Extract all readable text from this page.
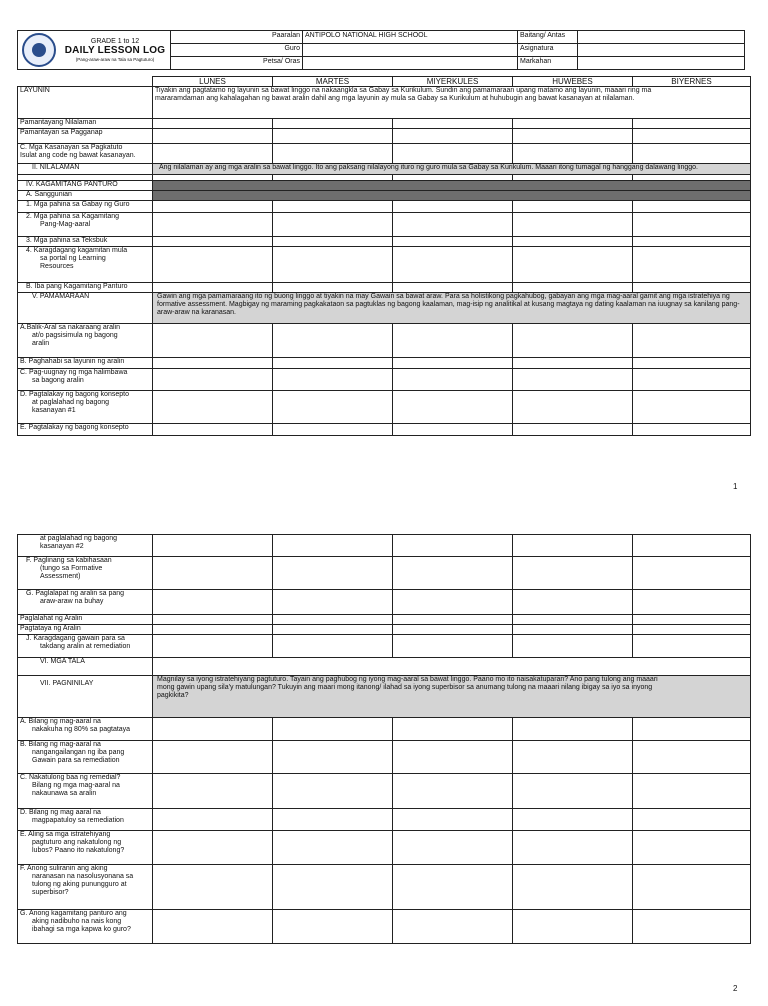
GRADE 1 to 12
DAILY LESSON LOG
(Pang-araw-araw na Tala sa Pagtuturo)	Paaralan	ANTIPOLO NATIONAL HIGH SCHOOL	Baitang/ Antas	
	Guro		Asignatura	
	Petsa/ Oras		Markahan	
	LUNES	MARTES	MIYERKULES	HUWEBES	BIYERNES
LAYUNIN	Tiyakin ang pagtatamo ng layunin sa bawat linggo na nakaangkla sa Gabay sa Kurikulum. Sundin ang pamamaraan upang matamo ang layunin, maaari ring ma
mararamdaman ang kahalagahan ng bawat aralin dahil ang mga layunin ay mula sa Gabay sa Kurikulum at huhubugin ang bawat kasanayan at nilalaman.				

Pamantayang Nilalaman					
Pamantayan sa Pagganap					

C. Mga Kasanayan sa Pagkatuto
Isulat ang code ng bawat kasanayan.					

II. NILALAMAN	Ang nilalaman ay ang mga aralin sa bawat linggo. Ito ang paksang nilalayong ituro ng guro mula sa Gabay sa Kurikulum. Maaari itong tumagal ng hanggang dalawang linggo.				

IV. KAGAMITANG PANTURO					
A. Sanggunian					
1. Mga pahina sa Gabay ng Guro					

2. Mga pahina sa Kagamitang
Pang-Mag-aaral					

3. Mga pahina sa Teksbuk					

4. Karagdagang kagamitan mula
sa portal ng Learning
Resources					

B. Iba pang Kagamitang Panturo					
V. PAMAMARAAN	Gawin ang mga pamamaraang ito ng buong linggo at tiyakin na may Gawain sa bawat araw. Para sa holistikong pagkahubog, gabayan ang mga mag-aaral gamit ang mga istratehiya ng
formative assessment. Magbigay ng maraming pagkakataon sa pagtuklas ng bagong kaalaman, mag-isip ng analitikal at kusang magtaya ng dating kaalaman na iuugnay sa kanilang pang-
araw-araw na karanasan.				

A.Balik-Aral sa nakaraang aralin
at/o pagsisimula ng bagong
aralin					

B. Paghahabi sa layunin ng aralin					

C. Pag-uugnay ng mga halimbawa
sa bagong aralin					

D. Pagtalakay ng bagong konsepto
at paglalahad ng bagong
kasanayan #1					

E. Pagtalakay ng bagong konsepto					
1
at paglalahad ng bagong
kasanayan #2					

F. Paglinang sa kabihasaan
(tungo sa Formative
Assessment)					

G. Paglalapat ng aralin sa pang
araw-araw na buhay					

Paglalahat ng Aralin					
Pagtataya ng Aralin					

J. Karagdagang gawain para sa
takdang aralin at remediation					

VI. MGA TALA					
VII. PAGNINILAY	Magnilay sa iyong istratehiyang pagtuturo. Tayain ang paghubog ng iyong mag-aaral sa bawat linggo. Paano mo ito naisakatuparan? Ano pang tulong ang maaari
mong gawin upang sila'y matulungan? Tukuyin ang maari mong itanong/ ilahad sa iyong superbisor sa anumang tulong na maaari nilang ibigay sa iyo sa inyong
pagkikita?				

A. Bilang ng mag-aaral na
nakakuha ng 80% sa pagtataya					

B. Bilang ng mag-aaral na
nangangailangan ng iba pang
Gawain para sa remediation					

C. Nakatulong baa ng remedial?
Bilang ng mga mag-aaral na
nakaunawa sa aralin					

D. Bilang ng mag aaral na
magpapatuloy sa remediation					

E. Aling sa mga istratehiyang
pagtuturo ang nakatulong ng
lubos? Paano ito nakatulong?					

F. Anong suliranin ang aking
naranasan na nasolusyonana sa
tulong ng aking punungguro at
superbisor?					

G. Anong kagamitang panturo ang
aking nadibuho na nais kong
ibahagi sa mga kapwa ko guro?					

2
